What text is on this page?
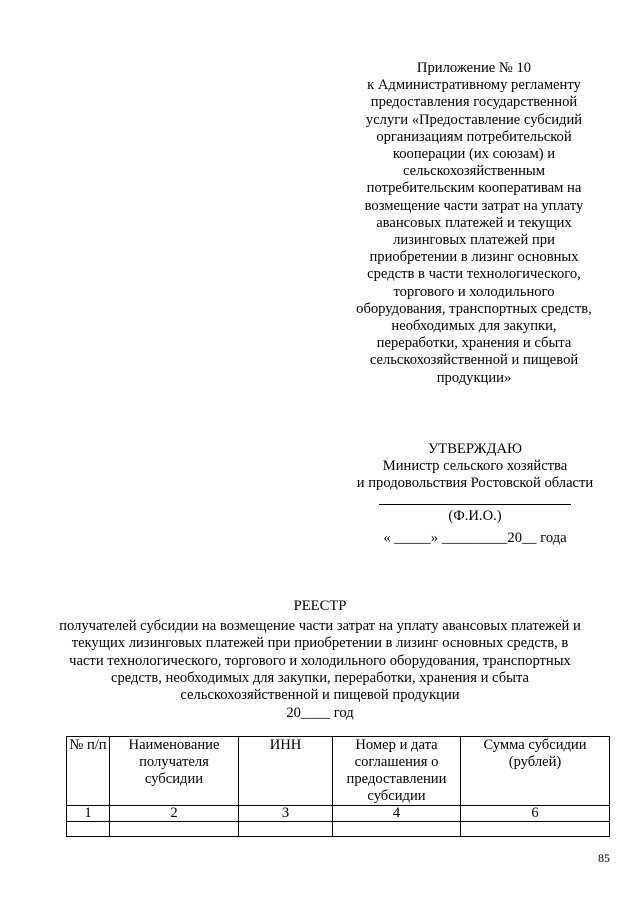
Приложение № 10
к Административному регламенту
предоставления государственной
услуги «Предоставление субсидий
организациям потребительской
кооперации (их союзам) и
сельскохозяйственным
потребительским кооперативам на
возмещение части затрат на уплату
авансовых платежей и текущих
лизинговых платежей при
приобретении в лизинг основных
средств в части технологического,
торгового и холодильного
оборудования, транспортных средств,
необходимых для закупки,
переработки, хранения и сбыта
сельскохозяйственной и пищевой
продукции»
УТВЕРЖДАЮ
Министр сельского хозяйства
и продовольствия Ростовской области
(Ф.И.О.)
« _____» _________20__ года
РЕЕСТР
получателей субсидии на возмещение части затрат на уплату авансовых платежей и
текущих лизинговых платежей при приобретении в лизинг основных средств, в
части технологического, торгового и холодильного оборудования, транспортных
средств, необходимых для закупки, переработки, хранения и сбыта
сельскохозяйственной и пищевой продукции
20____ год
№ п/п	Наименование получателя субсидии	ИНН	Номер и дата соглашения о предоставлении субсидии	Сумма субсидии (рублей)
1	2	3	4	6

85
